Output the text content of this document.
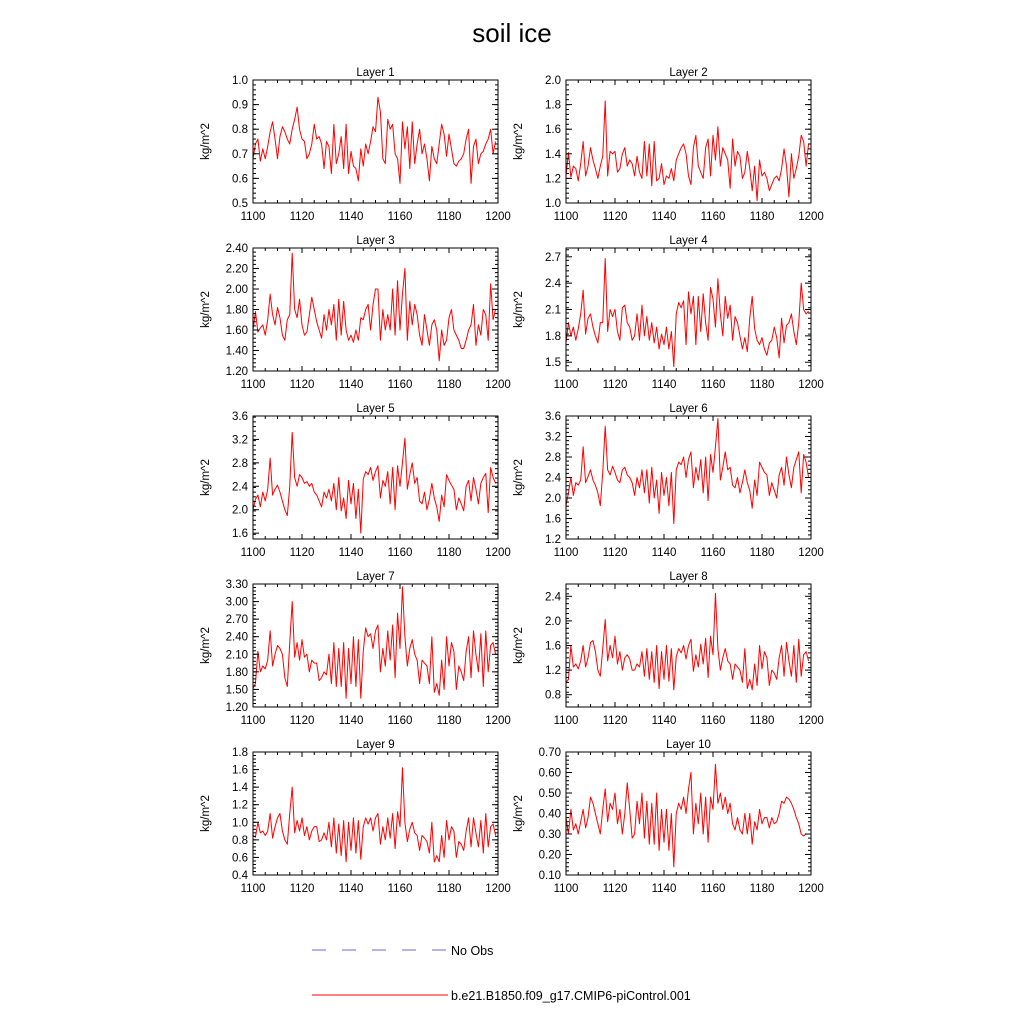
soil ice
Layer 1
kg/m^2
1100 1120 1140 1160 1180 1200
0.5
0.6
0.7
0.8
0.9
1.0
Layer 2
kg/m^2
1100 1120 1140 1160 1180 1200
1.0
1.2
1.4
1.6
1.8
2.0
Layer 3
kg/m^2
1100 1120 1140 1160 1180 1200
1.20
1.40
1.60
1.80
2.00
2.20
2.40
Layer 4
kg/m^2
1100 1120 1140 1160 1180 1200
1.5
1.8
2.1
2.4
2.7
Layer 5
kg/m^2
1100 1120 1140 1160 1180 1200
1.6
2.0
2.4
2.8
3.2
3.6
Layer 6
kg/m^2
1100 1120 1140 1160 1180 1200
1.2
1.6
2.0
2.4
2.8
3.2
3.6
Layer 7
kg/m^2
1100 1120 1140 1160 1180 1200
1.20
1.50
1.80
2.10
2.40
2.70
3.00
3.30
Layer 8
kg/m^2
1100 1120 1140 1160 1180 1200
0.8
1.2
1.6
2.0
2.4
Layer 9
kg/m^2
1100 1120 1140 1160 1180 1200
0.4
0.6
0.8
1.0
1.2
1.4
1.6
1.8
Layer 10
kg/m^2
1100 1120 1140 1160 1180 1200
0.10
0.20
0.30
0.40
0.50
0.60
0.70
No Obs
b.e21.B1850.f09_g17.CMIP6-piControl.001
